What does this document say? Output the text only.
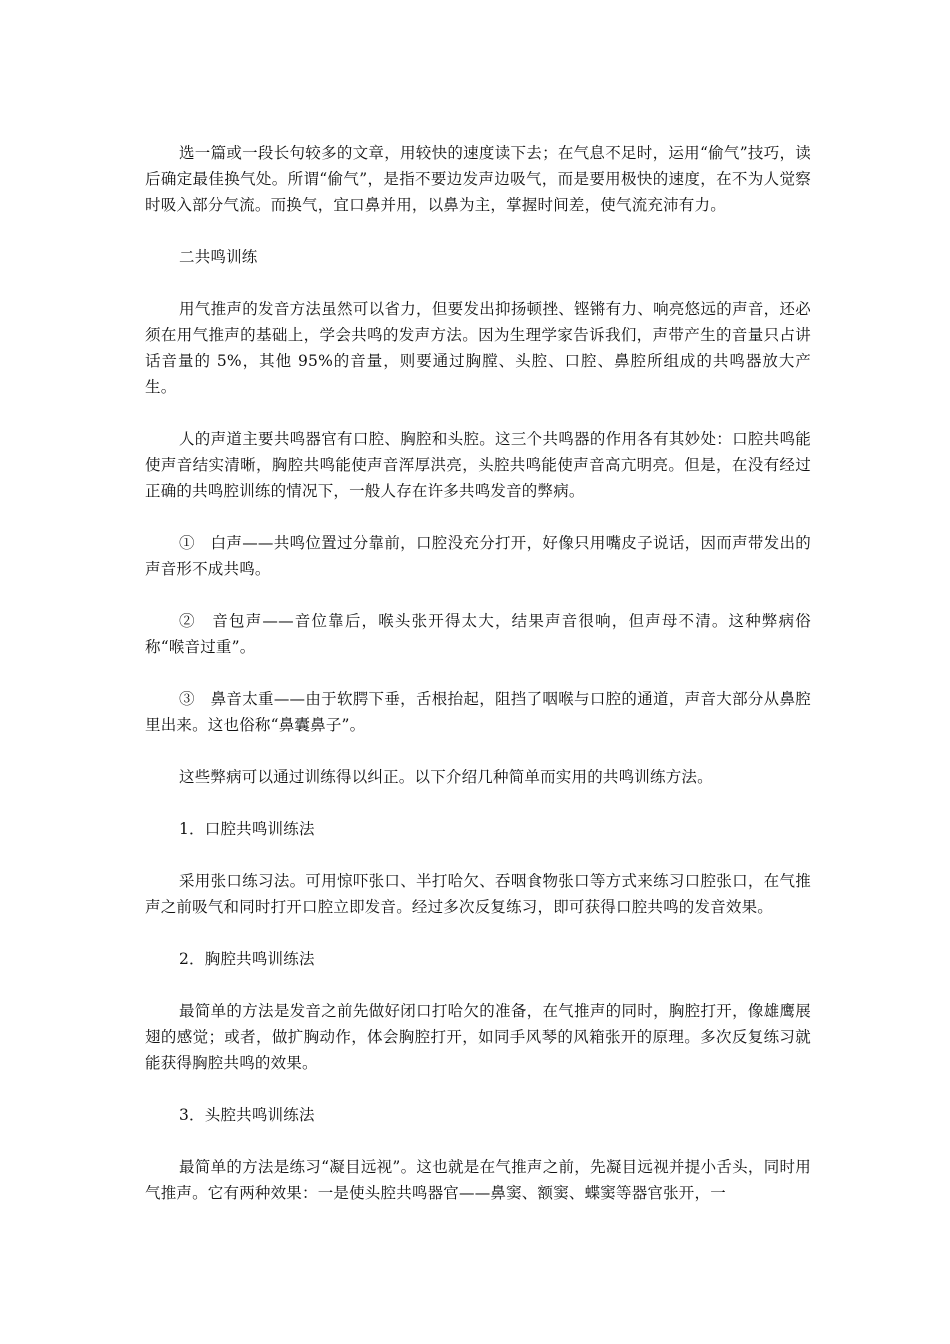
选一篇或一段长句较多的文章，用较快的速度读下去；在气息不足时，运用“偷气”技巧，读后确定最佳换气处。所谓“偷气”，是指不要边发声边吸气，而是要用极快的速度，在不为人觉察时吸入部分气流。而换气，宜口鼻并用，以鼻为主，掌握时间差，使气流充沛有力。

二共鸣训练

用气推声的发音方法虽然可以省力，但要发出抑扬顿挫、铿锵有力、响亮悠远的声音，还必须在用气推声的基础上，学会共鸣的发声方法。因为生理学家告诉我们，声带产生的音量只占讲话音量的 5%，其他 95%的音量，则要通过胸膛、头腔、口腔、鼻腔所组成的共鸣器放大产生。

人的声道主要共鸣器官有口腔、胸腔和头腔。这三个共鸣器的作用各有其妙处：口腔共鸣能使声音结实清晰，胸腔共鸣能使声音浑厚洪亮，头腔共鸣能使声音高亢明亮。但是，在没有经过正确的共鸣腔训练的情况下，一般人存在许多共鸣发音的弊病。

①　白声——共鸣位置过分靠前，口腔没充分打开，好像只用嘴皮子说话，因而声带发出的声音形不成共鸣。

②　音包声——音位靠后，喉头张开得太大，结果声音很响，但声母不清。这种弊病俗称“喉音过重”。

③　鼻音太重——由于软腭下垂，舌根抬起，阻挡了咽喉与口腔的通道，声音大部分从鼻腔里出来。这也俗称“鼻囊鼻子”。

这些弊病可以通过训练得以纠正。以下介绍几种简单而实用的共鸣训练方法。

1．口腔共鸣训练法

采用张口练习法。可用惊吓张口、半打哈欠、吞咽食物张口等方式来练习口腔张口，在气推声之前吸气和同时打开口腔立即发音。经过多次反复练习，即可获得口腔共鸣的发音效果。

2．胸腔共鸣训练法

最简单的方法是发音之前先做好闭口打哈欠的准备，在气推声的同时，胸腔打开，像雄鹰展翅的感觉；或者，做扩胸动作，体会胸腔打开，如同手风琴的风箱张开的原理。多次反复练习就能获得胸腔共鸣的效果。

3．头腔共鸣训练法

最简单的方法是练习“凝目远视”。这也就是在气推声之前，先凝目远视并提小舌头，同时用气推声。它有两种效果：一是使头腔共鸣器官——鼻窦、额窦、蝶窦等器官张开，一
